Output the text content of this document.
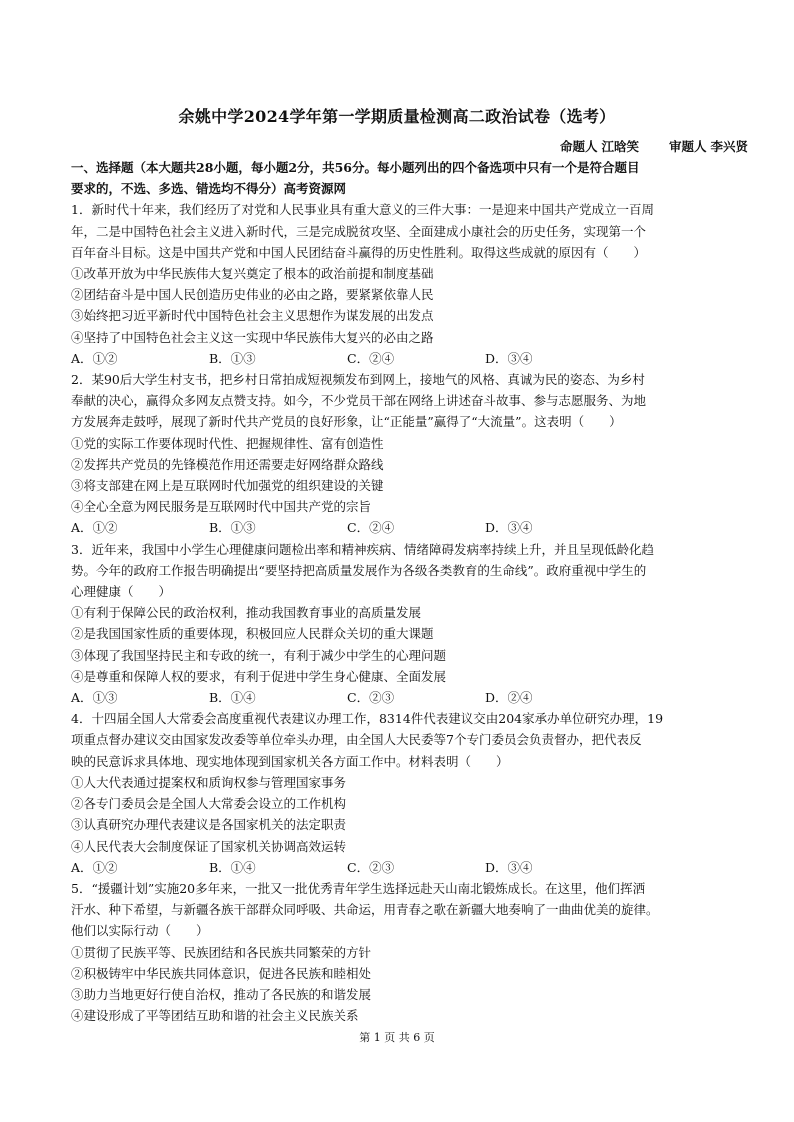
余姚中学2024学年第一学期质量检测高二政治试卷（选考）
命题人 江晗笑 审题人 李兴贤
一、选择题（本大题共28小题，每小题2分，共56分。每小题列出的四个备选项中只有一个是符合题目
要求的，不选、多选、错选均不得分）高考资源网
1．新时代十年来，我们经历了对党和人民事业具有重大意义的三件大事：一是迎来中国共产党成立一百周
年，二是中国特色社会主义进入新时代，三是完成脱贫攻坚、全面建成小康社会的历史任务，实现第一个
百年奋斗目标。这是中国共产党和中国人民团结奋斗赢得的历史性胜利。取得这些成就的原因有（　　）
①改革开放为中华民族伟大复兴奠定了根本的政治前提和制度基础
②团结奋斗是中国人民创造历史伟业的必由之路，要紧紧依靠人民
③始终把习近平新时代中国特色社会主义思想作为谋发展的出发点
④坚持了中国特色社会主义这一实现中华民族伟大复兴的必由之路
A．①②	B．①③	C．②④	D．③④
2．某90后大学生村支书，把乡村日常拍成短视频发布到网上，接地气的风格、真诚为民的姿态、为乡村
奉献的决心，赢得众多网友点赞支持。如今，不少党员干部在网络上讲述奋斗故事、参与志愿服务、为地
方发展奔走鼓呼，展现了新时代共产党员的良好形象，让“正能量”赢得了“大流量”。这表明（　　）
①党的实际工作要体现时代性、把握规律性、富有创造性
②发挥共产党员的先锋模范作用还需要走好网络群众路线
③将支部建在网上是互联网时代加强党的组织建设的关键
④全心全意为网民服务是互联网时代中国共产党的宗旨
A．①②	B．①③	C．②④	D．③④
3．近年来，我国中小学生心理健康问题检出率和精神疾病、情绪障碍发病率持续上升，并且呈现低龄化趋
势。今年的政府工作报告明确提出“要坚持把高质量发展作为各级各类教育的生命线”。政府重视中学生的
心理健康（　　）
①有利于保障公民的政治权利，推动我国教育事业的高质量发展
②是我国国家性质的重要体现，积极回应人民群众关切的重大课题
③体现了我国坚持民主和专政的统一，有利于减少中学生的心理问题
④是尊重和保障人权的要求，有利于促进中学生身心健康、全面发展
A．①③	B．①④	C．②③	D．②④
4．十四届全国人大常委会高度重视代表建议办理工作，8314件代表建议交由204家承办单位研究办理，19
项重点督办建议交由国家发改委等单位牵头办理，由全国人大民委等7个专门委员会负责督办，把代表反
映的民意诉求具体地、现实地体现到国家机关各方面工作中。材料表明（　　）
①人大代表通过提案权和质询权参与管理国家事务
②各专门委员会是全国人大常委会设立的工作机构
③认真研究办理代表建议是各国家机关的法定职责
④人民代表大会制度保证了国家机关协调高效运转
A．①②	B．①④	C．②③	D．③④
5．“援疆计划”实施20多年来，一批又一批优秀青年学生选择远赴天山南北锻炼成长。在这里，他们挥洒
汗水、种下希望，与新疆各族干部群众同呼吸、共命运，用青春之歌在新疆大地奏响了一曲曲优美的旋律。
他们以实际行动（　　）
①贯彻了民族平等、民族团结和各民族共同繁荣的方针
②积极铸牢中华民族共同体意识，促进各民族和睦相处
③助力当地更好行使自治权，推动了各民族的和谐发展
④建设形成了平等团结互助和谐的社会主义民族关系
第 1 页 共 6 页
